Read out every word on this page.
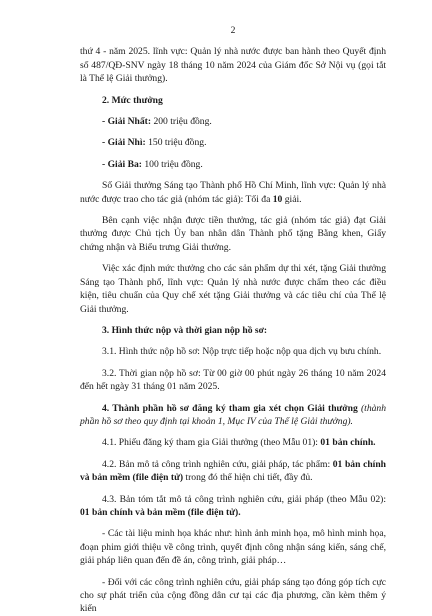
2

thứ 4 - năm 2025. lĩnh vực: Quản lý nhà nước được ban hành theo Quyết định số 487/QĐ-SNV ngày 18 tháng 10 năm 2024 của Giám đốc Sở Nội vụ (gọi tắt là Thể lệ Giải thưởng).

2. Mức thưởng
- Giải Nhất: 200 triệu đồng.
- Giải Nhì: 150 triệu đồng.
- Giải Ba: 100 triệu đồng.

Số Giải thưởng Sáng tạo Thành phố Hồ Chí Minh, lĩnh vực: Quản lý nhà nước được trao cho tác giả (nhóm tác giả): Tối đa 10 giải.

Bên cạnh việc nhận được tiền thưởng, tác giả (nhóm tác giả) đạt Giải thưởng được Chủ tịch Ủy ban nhân dân Thành phố tặng Bằng khen, Giấy chứng nhận và Biểu trưng Giải thưởng.

Việc xác định mức thưởng cho các sản phẩm dự thi xét, tặng Giải thưởng Sáng tạo Thành phố, lĩnh vực: Quản lý nhà nước được chấm theo các điều kiện, tiêu chuẩn của Quy chế xét tặng Giải thưởng và các tiêu chí của Thể lệ Giải thưởng.

3. Hình thức nộp và thời gian nộp hồ sơ:

3.1. Hình thức nộp hồ sơ: Nộp trực tiếp hoặc nộp qua dịch vụ bưu chính.

3.2. Thời gian nộp hồ sơ: Từ 00 giờ 00 phút ngày 26 tháng 10 năm 2024 đến hết ngày 31 tháng 01 năm 2025.

4. Thành phần hồ sơ đăng ký tham gia xét chọn Giải thưởng (thành phần hồ sơ theo quy định tại khoản 1, Mục IV của Thể lệ Giải thưởng).

4.1. Phiếu đăng ký tham gia Giải thưởng (theo Mẫu 01): 01 bản chính.

4.2. Bản mô tả công trình nghiên cứu, giải pháp, tác phẩm: 01 bản chính và bản mềm (file điện tử) trong đó thể hiện chi tiết, đầy đủ.

4.3. Bản tóm tắt mô tả công trình nghiên cứu, giải pháp (theo Mẫu 02): 01 bản chính và bản mềm (file điện tử).

- Các tài liệu minh họa khác như: hình ảnh minh họa, mô hình minh họa, đoạn phim giới thiệu về công trình, quyết định công nhận sáng kiến, sáng chế, giải pháp liên quan đến đề án, công trình, giải pháp…

- Đối với các công trình nghiên cứu, giải pháp sáng tạo đóng góp tích cực cho sự phát triển của cộng đồng dân cư tại các địa phương, cần kèm thêm ý kiến
